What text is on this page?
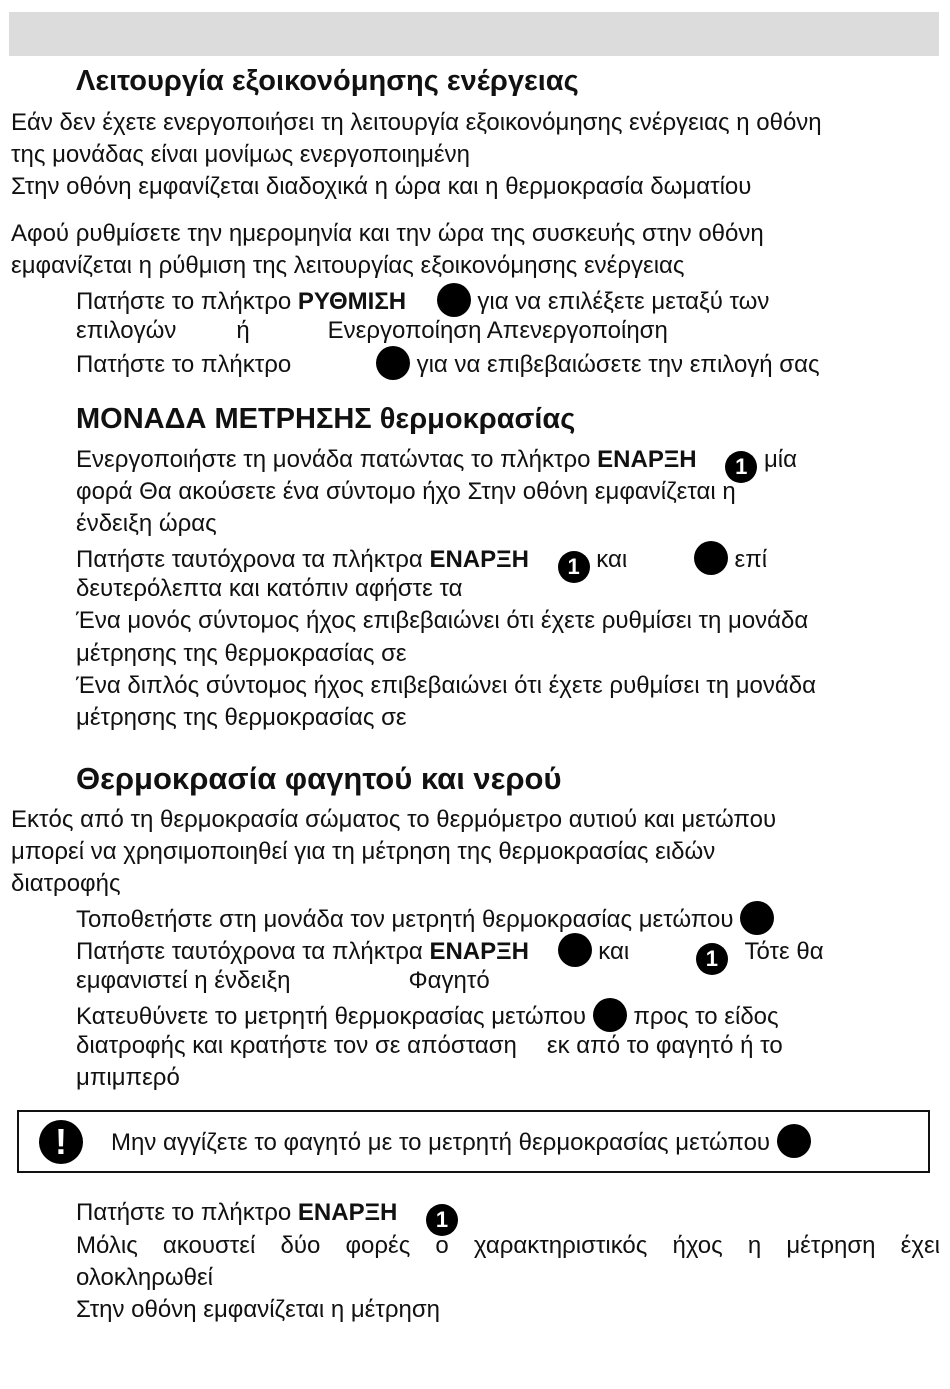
Λειτουργία εξοικονόμησης ενέργειας
Εάν δεν έχετε ενεργοποιήσει τη λειτουργία εξοικονόμησης ενέργειας η οθόνη
της μονάδας είναι μονίμως ενεργοποιημένη
Στην οθόνη εμφανίζεται διαδοχικά η ώρα και η θερμοκρασία δωματίου
Αφού ρυθμίσετε την ημερομηνία και την ώρα της συσκευής στην οθόνη
εμφανίζεται η ρύθμιση της λειτουργίας εξοικονόμησης ενέργειας
Πατήστε το πλήκτρο ΡΥΘΜΙΣΗ	για να επιλέξετε μεταξύ των
επιλογών	ή	Ενεργοποίηση Απενεργοποίηση
Πατήστε το πλήκτρο	για να επιβεβαιώσετε την επιλογή σας
ΜΟΝΑΔΑ ΜΕΤΡΗΣΗΣ θερμοκρασίας
Ενεργοποιήστε τη μονάδα πατώντας το πλήκτρο ΕΝΑΡΞΗ 1 μία
φορά Θα ακούσετε ένα σύντομο ήχο Στην οθόνη εμφανίζεται η
ένδειξη ώρας
Πατήστε ταυτόχρονα τα πλήκτρα ΕΝΑΡΞΗ 1 και	επί
δευτερόλεπτα και κατόπιν αφήστε τα
Ένα μονός σύντομος ήχος επιβεβαιώνει ότι έχετε ρυθμίσει τη μονάδα
μέτρησης της θερμοκρασίας σε
Ένα διπλός σύντομος ήχος επιβεβαιώνει ότι έχετε ρυθμίσει τη μονάδα
μέτρησης της θερμοκρασίας σε
Θερμοκρασία φαγητού και νερού
Εκτός από τη θερμοκρασία σώματος το θερμόμετρο αυτιού και μετώπου
μπορεί να χρησιμοποιηθεί για τη μέτρηση της θερμοκρασίας ειδών
διατροφής
Τοποθετήστε στη μονάδα τον μετρητή θερμοκρασίας μετώπου
Πατήστε ταυτόχρονα τα πλήκτρα ΕΝΑΡΞΗ	και	1 Τότε θα
εμφανιστεί η ένδειξη	Φαγητό
Κατευθύνετε το μετρητή θερμοκρασίας μετώπου προς το είδος
διατροφής και κρατήστε τον σε απόσταση εκ από το φαγητό ή το
μπιμπερό
!	Μην αγγίζετε το φαγητό με το μετρητή θερμοκρασίας μετώπου
Πατήστε το πλήκτρο ΕΝΑΡΞΗ 1
Μόλις ακουστεί δύο φορές ο χαρακτηριστικός ήχος η μέτρηση έχει
ολοκληρωθεί
Στην οθόνη εμφανίζεται η μέτρηση
